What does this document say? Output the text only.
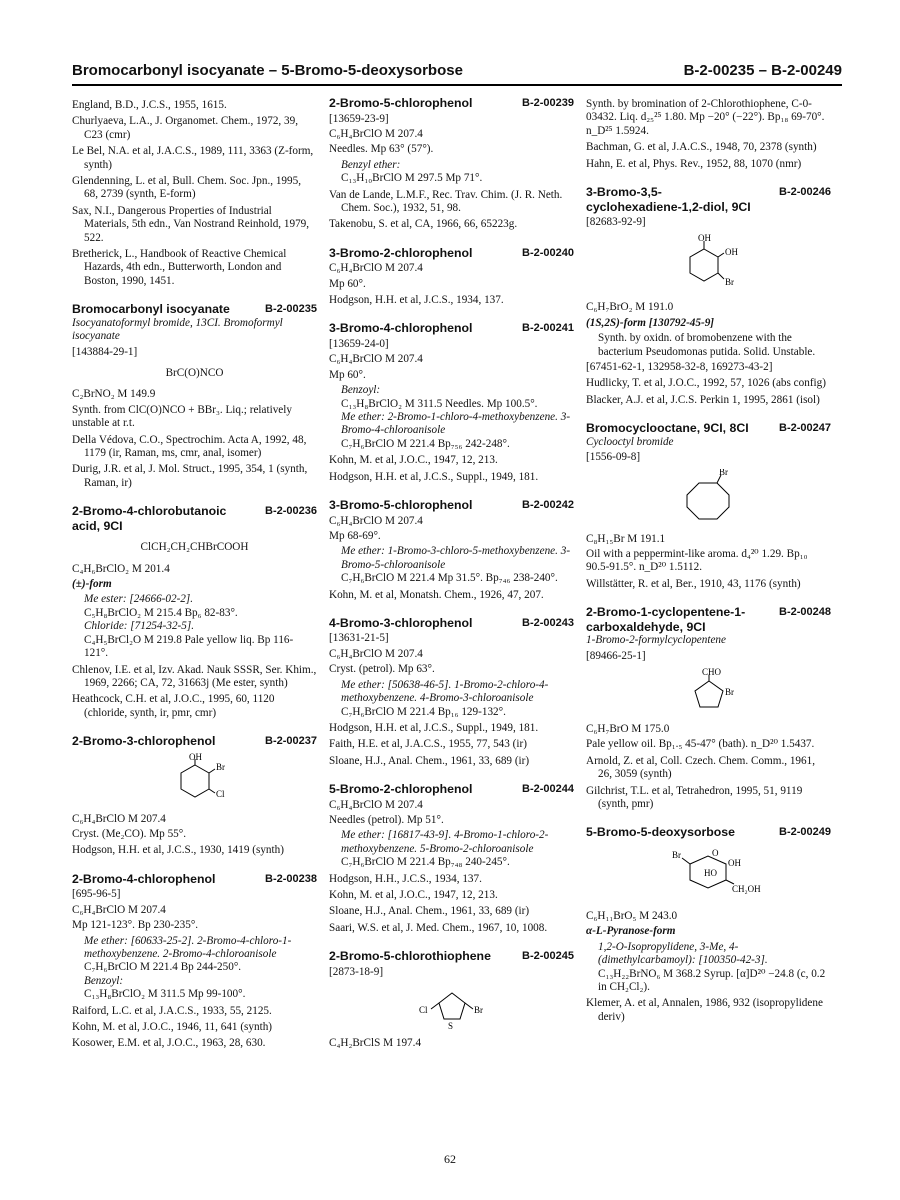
Bromocarbonyl isocyanate – 5-Bromo-5-deoxysorbose	B-2-00235 – B-2-00249
England, B.D., J.C.S., 1955, 1615.
Churlyaeva, L.A., J. Organomet. Chem., 1972, 39, C23 (cmr)
Le Bel, N.A. et al, J.A.C.S., 1989, 111, 3363 (Z-form, synth)
Glendenning, L. et al, Bull. Chem. Soc. Jpn., 1995, 68, 2739 (synth, E-form)
Sax, N.I., Dangerous Properties of Industrial Materials, 5th edn., Van Nostrand Reinhold, 1979, 522.
Bretherick, L., Handbook of Reactive Chemical Hazards, 4th edn., Butterworth, London and Boston, 1990, 1451.
Bromocarbonyl isocyanate	B-2-00235
Isocyanatoformyl bromide, 13CI. Bromoformyl isocyanate
[143884-29-1]
BrC(O)NCO
C₂BrNO₂ M 149.9
Synth. from ClC(O)NCO + BBr₃. Liq.; relatively unstable at r.t.
Della Védova, C.O., Spectrochim. Acta A, 1992, 48, 1179 (ir, Raman, ms, cmr, anal, isomer)
Durig, J.R. et al, J. Mol. Struct., 1995, 354, 1 (synth, Raman, ir)
2-Bromo-4-chlorobutanoic acid, 9CI
B-2-00236
ClCH₂CH₂CHBrCOOH
C₄H₆BrClO₂ M 201.4
(±)-form
Me ester: [24666-02-2].
C₅H₈BrClO₂ M 215.4 Bp₆ 82-83°.
Chloride: [71254-32-5].
C₄H₅BrCl₂O M 219.8 Pale yellow liq. Bp 116-121°.
Chlenov, I.E. et al, Izv. Akad. Nauk SSSR, Ser. Khim., 1969, 2266; CA, 72, 31663j (Me ester, synth)
Heathcock, C.H. et al, J.O.C., 1995, 60, 1120 (chloride, synth, ir, pmr, cmr)
2-Bromo-3-chlorophenol	B-2-00237
OH
Br
Cl
C₆H₄BrClO M 207.4
Cryst. (Me₂CO). Mp 55°.
Hodgson, H.H. et al, J.C.S., 1930, 1419 (synth)
2-Bromo-4-chlorophenol	B-2-00238
[695-96-5]
C₆H₄BrClO M 207.4
Mp 121-123°. Bp 230-235°.
Me ether: [60633-25-2]. 2-Bromo-4-chloro-1-methoxybenzene. 2-Bromo-4-chloroanisole
C₇H₆BrClO M 221.4 Bp 244-250°.
Benzoyl:
C₁₃H₈BrClO₂ M 311.5 Mp 99-100°.
Raiford, L.C. et al, J.A.C.S., 1933, 55, 2125.
Kohn, M. et al, J.O.C., 1946, 11, 641 (synth)
Kosower, E.M. et al, J.O.C., 1963, 28, 630.
2-Bromo-5-chlorophenol	B-2-00239
[13659-23-9]
C₆H₄BrClO M 207.4
Needles. Mp 63° (57°).
Benzyl ether:
C₁₃H₁₀BrClO M 297.5 Mp 71°.
Van de Lande, L.M.F., Rec. Trav. Chim. (J. R. Neth. Chem. Soc.), 1932, 51, 98.
Takenobu, S. et al, CA, 1966, 66, 65223g.
3-Bromo-2-chlorophenol	B-2-00240
C₆H₄BrClO M 207.4
Mp 60°.
Hodgson, H.H. et al, J.C.S., 1934, 137.
3-Bromo-4-chlorophenol	B-2-00241
[13659-24-0]
C₆H₄BrClO M 207.4
Mp 60°.
Benzoyl:
C₁₃H₈BrClO₂ M 311.5 Needles. Mp 100.5°.
Me ether: 2-Bromo-1-chloro-4-methoxybenzene. 3-Bromo-4-chloroanisole
C₇H₆BrClO M 221.4 Bp₇₅₆ 242-248°.
Kohn, M. et al, J.O.C., 1947, 12, 213.
Hodgson, H.H. et al, J.C.S., Suppl., 1949, 181.
3-Bromo-5-chlorophenol	B-2-00242
C₆H₄BrClO M 207.4
Mp 68-69°.
Me ether: 1-Bromo-3-chloro-5-methoxybenzene. 3-Bromo-5-chloroanisole
C₇H₆BrClO M 221.4 Mp 31.5°. Bp₇₄₆ 238-240°.
Kohn, M. et al, Monatsh. Chem., 1926, 47, 207.
4-Bromo-3-chlorophenol	B-2-00243
[13631-21-5]
C₆H₄BrClO M 207.4
Cryst. (petrol). Mp 63°.
Me ether: [50638-46-5]. 1-Bromo-2-chloro-4-methoxybenzene. 4-Bromo-3-chloroanisole
C₇H₆BrClO M 221.4 Bp₁₆ 129-132°.
Hodgson, H.H. et al, J.C.S., Suppl., 1949, 181.
Faith, H.E. et al, J.A.C.S., 1955, 77, 543 (ir)
Sloane, H.J., Anal. Chem., 1961, 33, 689 (ir)
5-Bromo-2-chlorophenol	B-2-00244
C₆H₄BrClO M 207.4
Needles (petrol). Mp 51°.
Me ether: [16817-43-9]. 4-Bromo-1-chloro-2-methoxybenzene. 5-Bromo-2-chloroanisole
C₇H₆BrClO M 221.4 Bp₇₄₈ 240-245°.
Hodgson, H.H., J.C.S., 1934, 137.
Kohn, M. et al, J.O.C., 1947, 12, 213.
Sloane, H.J., Anal. Chem., 1961, 33, 689 (ir)
Saari, W.S. et al, J. Med. Chem., 1967, 10, 1008.
2-Bromo-5-chlorothiophene	B-2-00245
[2873-18-9]
Cl
S
Br
C₄H₂BrClS M 197.4
Synth. by bromination of 2-Chlorothiophene, C-0-03432. Liq. d₂₅²⁵ 1.80. Mp −20° (−22°). Bp₁₈ 69-70°. n_D²⁵ 1.5924.
Bachman, G. et al, J.A.C.S., 1948, 70, 2378 (synth)
Hahn, E. et al, Phys. Rev., 1952, 88, 1070 (nmr)
3-Bromo-3,5-cyclohexadiene-1,2-diol, 9CI
B-2-00246
[82683-92-9]
OH
OH
Br
C₆H₇BrO₂ M 191.0
(1S,2S)-form [130792-45-9]
Synth. by oxidn. of bromobenzene with the bacterium Pseudomonas putida. Solid. Unstable.
[67451-62-1, 132958-32-8, 169273-43-2]
Hudlicky, T. et al, J.O.C., 1992, 57, 1026 (abs config)
Blacker, A.J. et al, J.C.S. Perkin 1, 1995, 2861 (isol)
Bromocyclooctane, 9CI, 8CI	B-2-00247
Cyclooctyl bromide
[1556-09-8]
Br
C₈H₁₅Br M 191.1
Oil with a peppermint-like aroma. d₄²⁰ 1.29. Bp₁₀ 90.5-91.5°. n_D²⁰ 1.5112.
Willstätter, R. et al, Ber., 1910, 43, 1176 (synth)
2-Bromo-1-cyclopentene-1-carboxaldehyde, 9CI
B-2-00248
1-Bromo-2-formylcyclopentene
[89466-25-1]
CHO
Br
C₆H₇BrO M 175.0
Pale yellow oil. Bp₁.₅ 45-47° (bath). n_D²⁰ 1.5437.
Arnold, Z. et al, Coll. Czech. Chem. Comm., 1961, 26, 3059 (synth)
Gilchrist, T.L. et al, Tetrahedron, 1995, 51, 9119 (synth, pmr)
5-Bromo-5-deoxysorbose	B-2-00249
Br	O
OH
HO
CH₂OH
C₆H₁₁BrO₅ M 243.0
α-L-Pyranose-form
1,2-O-Isopropylidene, 3-Me, 4-(dimethylcarbamoyl): [100350-42-3].
C₁₃H₂₂BrNO₆ M 368.2 Syrup. [α]D²⁰ −24.8 (c, 0.2 in CH₂Cl₂).
Klemer, A. et al, Annalen, 1986, 932 (isopropylidene deriv)
62
